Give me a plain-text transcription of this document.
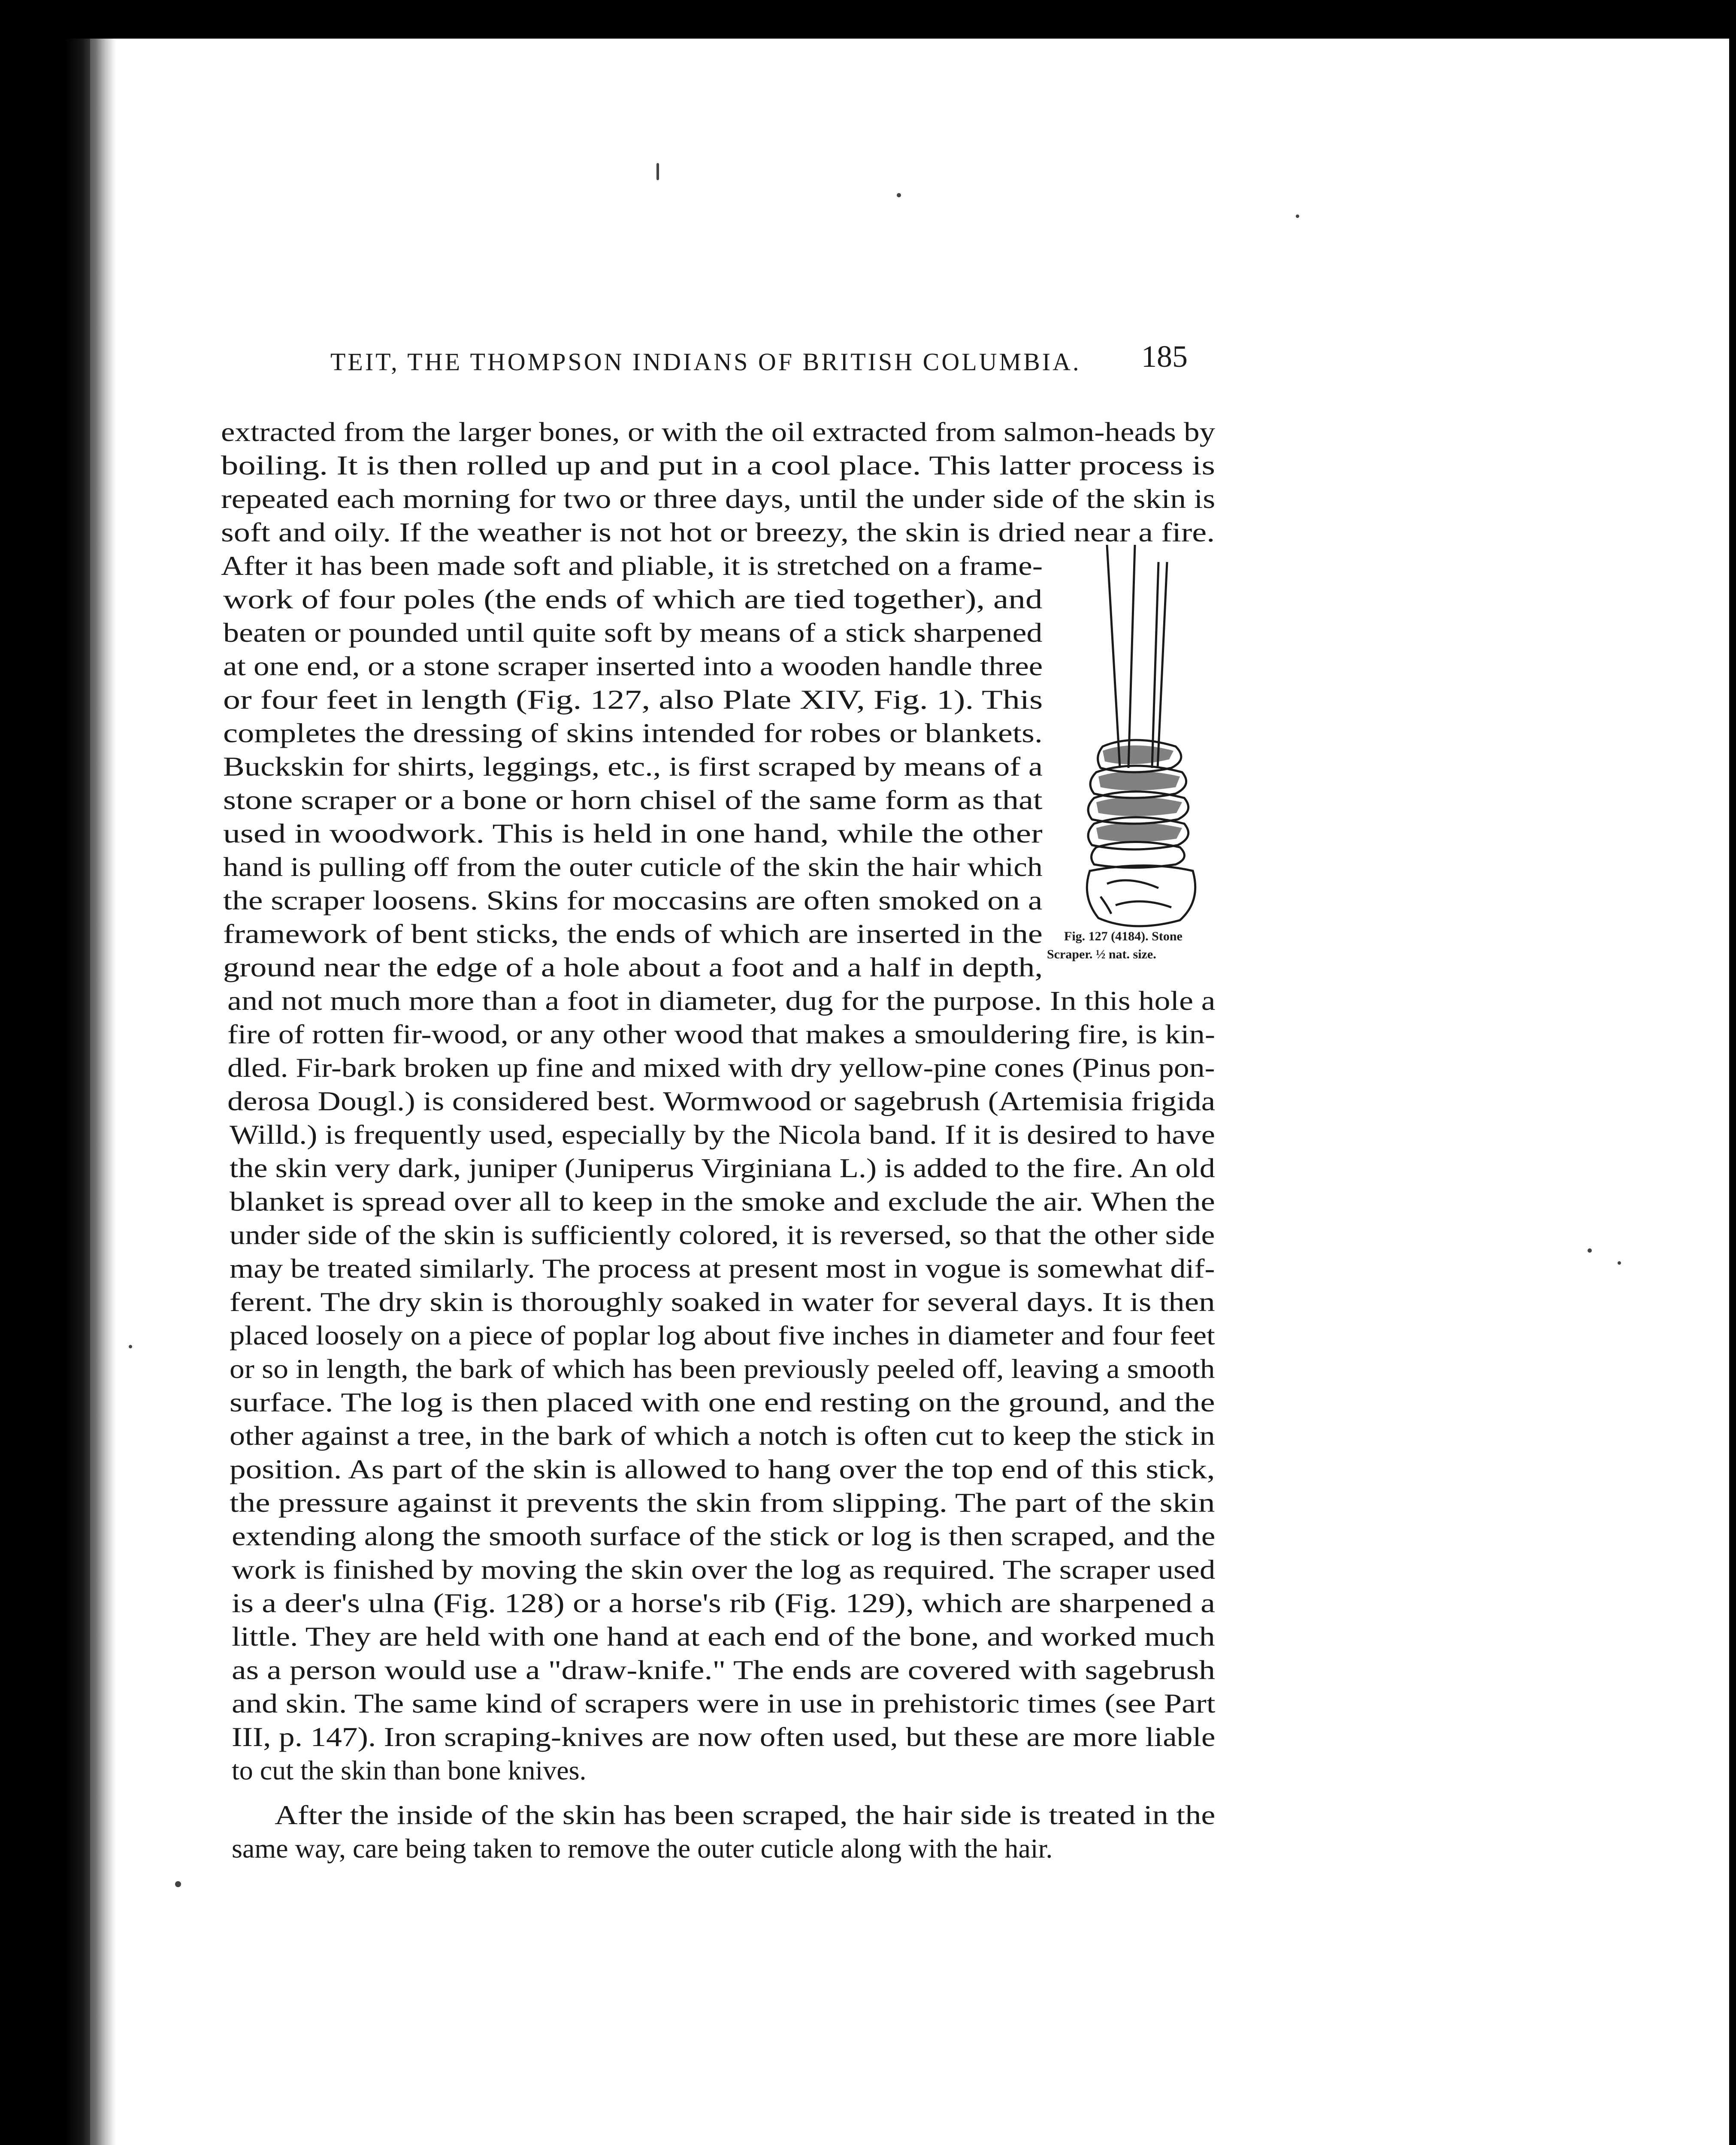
TEIT, THE THOMPSON INDIANS OF BRITISH COLUMBIA.	185
extracted from the larger bones, or with the oil extracted from salmon-heads by
boiling. It is then rolled up and put in a cool place. This latter process is
repeated each morning for two or three days, until the under side of the skin is
soft and oily. If the weather is not hot or breezy, the skin is dried near a fire.
After it has been made soft and pliable, it is stretched on a frame-
work of four poles (the ends of which are tied together), and
beaten or pounded until quite soft by means of a stick sharpened
at one end, or a stone scraper inserted into a wooden handle three
or four feet in length (Fig. 127, also Plate XIV, Fig. 1). This
completes the dressing of skins intended for robes or blankets.
Buckskin for shirts, leggings, etc., is first scraped by means of a
stone scraper or a bone or horn chisel of the same form as that
used in woodwork. This is held in one hand, while the other
hand is pulling off from the outer cuticle of the skin the hair which
the scraper loosens. Skins for moccasins are often smoked on a
framework of bent sticks, the ends of which are inserted in the
ground near the edge of a hole about a foot and a half in depth,
and not much more than a foot in diameter, dug for the purpose. In this hole a
fire of rotten fir-wood, or any other wood that makes a smouldering fire, is kin-
dled. Fir-bark broken up fine and mixed with dry yellow-pine cones (Pinus pon-
derosa Dougl.) is considered best. Wormwood or sagebrush (Artemisia frigida
Willd.) is frequently used, especially by the Nicola band. If it is desired to have
the skin very dark, juniper (Juniperus Virginiana L.) is added to the fire. An old
blanket is spread over all to keep in the smoke and exclude the air. When the
under side of the skin is sufficiently colored, it is reversed, so that the other side
may be treated similarly. The process at present most in vogue is somewhat dif-
ferent. The dry skin is thoroughly soaked in water for several days. It is then
placed loosely on a piece of poplar log about five inches in diameter and four feet
or so in length, the bark of which has been previously peeled off, leaving a smooth
surface. The log is then placed with one end resting on the ground, and the
other against a tree, in the bark of which a notch is often cut to keep the stick in
position. As part of the skin is allowed to hang over the top end of this stick,
the pressure against it prevents the skin from slipping. The part of the skin
extending along the smooth surface of the stick or log is then scraped, and the
work is finished by moving the skin over the log as required. The scraper used
is a deer's ulna (Fig. 128) or a horse's rib (Fig. 129), which are sharpened a
little. They are held with one hand at each end of the bone, and worked much
as a person would use a "draw-knife." The ends are covered with sagebrush
and skin. The same kind of scrapers were in use in prehistoric times (see Part
III, p. 147). Iron scraping-knives are now often used, but these are more liable
to cut the skin than bone knives.
After the inside of the skin has been scraped, the hair side is treated in the
same way, care being taken to remove the outer cuticle along with the hair.
Fig. 127 (4184). Stone
Scraper. ½ nat. size.
